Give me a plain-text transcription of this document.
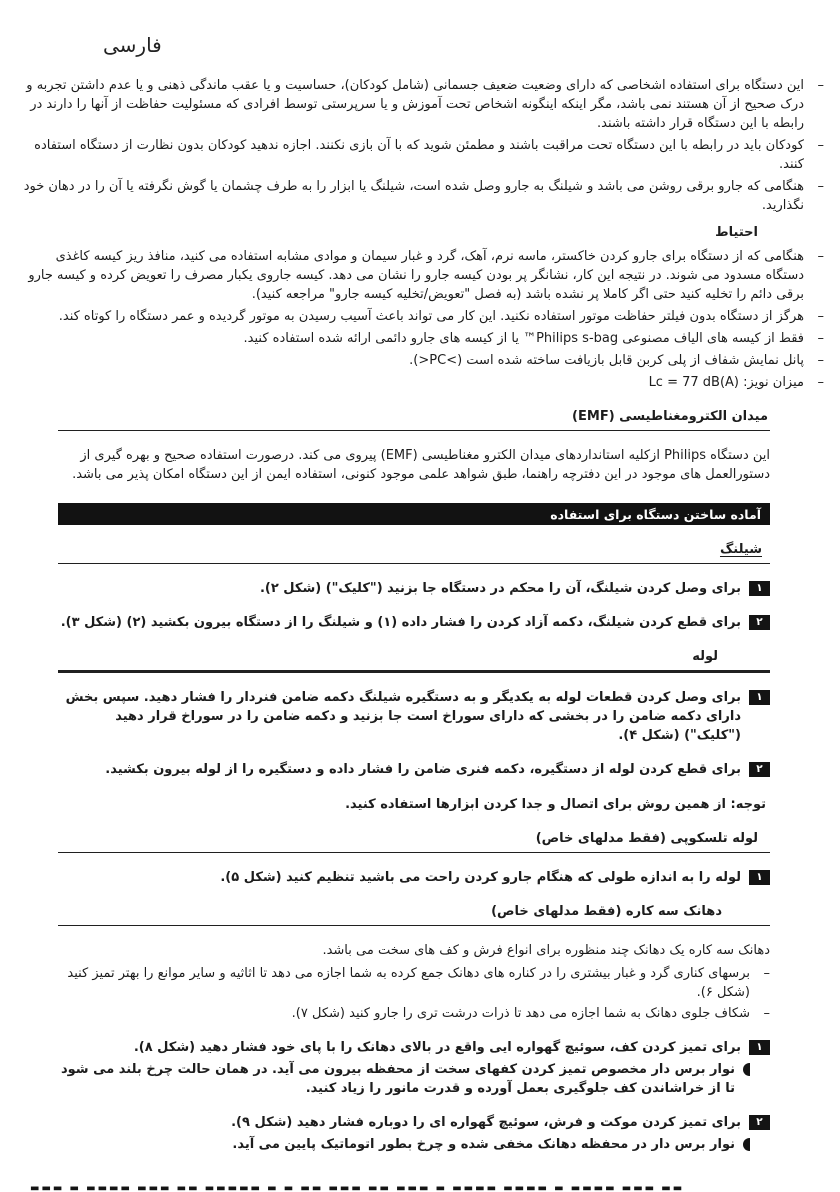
فارسی
–
این دستگاه برای استفاده اشخاصی که دارای وضعیت ضعیف جسمانی (شامل کودکان)، حساسیت و یا عقب ماندگی ذهنی و یا عدم داشتن تجربه و درک صحیح از آن هستند نمی باشد، مگر اینکه اینگونه اشخاص تحت آموزش و یا سرپرستی توسط افرادی که مسئولیت حفاظت از آنها را دارند در رابطه با این دستگاه قرار داشته باشند.
–
کودکان باید در رابطه با این دستگاه تحت مراقبت باشند و مطمئن شوید که با آن بازی نکنند. اجازه ندهید کودکان بدون نظارت از دستگاه استفاده کنند.
–
هنگامی که جارو برقی روشن می باشد و شیلنگ به جارو وصل شده است، شیلنگ یا ابزار را به طرف چشمان یا گوش نگرفته یا آن را در دهان خود نگذارید.
احتیاط
–
هنگامی که از دستگاه برای جارو کردن خاکستر، ماسه نرم، آهک، گرد و غبار سیمان و موادی مشابه استفاده می کنید، منافذ ریز کیسه کاغذی دستگاه مسدود می شوند. در نتیجه این کار، نشانگر پر بودن کیسه جارو را نشان می دهد. کیسه جاروی یکبار مصرف را تعویض کرده و کیسه جارو برقی دائم را تخلیه کنید حتی اگر کاملا پر نشده باشد (به فصل "تعویض/تخلیه کیسه جارو" مراجعه کنید).
–
هرگز از دستگاه بدون فیلتر حفاظت موتور استفاده نکنید. این کار می تواند باعث آسیب رسیدن به موتور گردیده و عمر دستگاه را کوتاه کند.
–
فقط از کیسه های الیاف مصنوعی Philips s-bag™ یا از کیسه های جارو دائمی ارائه شده استفاده کنید.
–
پانل نمایش شفاف از پلی کربن قابل بازیافت ساخته شده است (>PC<).
–
میزان نویز: Lc = 77 dB(A)
میدان الکترومغناطیسی (EMF)

این دستگاه Philips ازکلیه استانداردهای میدان الکترو مغناطیسی (EMF) پیروی می کند. درصورت استفاده صحیح و بهره گیری از دستورالعمل های موجود در این دفترچه راهنما، طبق شواهد علمی موجود کنونی، استفاده ایمن از این دستگاه امکان پذیر می باشد.

آماده ساختن دستگاه برای استفاده
شیلنگ
۱
برای وصل کردن شیلنگ، آن را محکم در دستگاه جا بزنید ("کلیک") (شکل ۲).
۲
برای قطع کردن شیلنگ، دکمه آزاد کردن را فشار داده (۱) و شیلنگ را از دستگاه بیرون بکشید (۲) (شکل ۳).
لوله
۱
برای وصل کردن قطعات لوله به یکدیگر و به دستگیره شیلنگ دکمه ضامن فنردار را فشار دهید. سپس بخش دارای دکمه ضامن را در بخشی که دارای سوراخ است جا بزنید و دکمه ضامن را در سوراخ قرار دهید ("کلیک") (شکل ۴).
۲
برای قطع کردن لوله از دستگیره، دکمه فنری ضامن را فشار داده و دستگیره را از لوله بیرون بکشید.
توجه: از همین روش برای اتصال و جدا کردن ابزارها استفاده کنید.
لوله تلسکوپی (فقط مدلهای خاص)
۱
لوله را به اندازه طولی که هنگام جارو کردن راحت می باشید تنظیم کنید (شکل ۵).
دهانک سه کاره (فقط مدلهای خاص)

دهانک سه کاره یک دهانک چند منظوره برای انواع فرش و کف های سخت می باشد.

–
برسهای کناری گرد و غبار بیشتری را در کناره های دهانک جمع کرده به شما اجازه می دهد تا اثاثیه و سایر موانع را بهتر تمیز کنید (شکل ۶).
–
شکاف جلوی دهانک به شما اجازه می دهد تا ذرات درشت تری را جارو کنید (شکل ۷).
۱
برای تمیز کردن کف، سوئیچ گهواره ایی واقع در بالای دهانک را با پای خود فشار دهید (شکل ۸).
نوار برس دار مخصوص تمیز کردن کفهای سخت از محفظه بیرون می آید. در همان حالت چرخ بلند می شود تا از خراشاندن کف جلوگیری بعمل آورده و قدرت مانور را زیاد کنید.
۲
برای تمیز کردن موکت و فرش، سوئیچ گهواره ای را دوباره فشار دهید (شکل ۹).
نوار برس دار در محفظه دهانک مخفی شده و چرخ بطور اتوماتیک پایین می آید.
▬▬▬ ▬ ▬▬▬▬ ▬▬▬ ▬▬ ▬▬▬▬▬ ▬ ▬ ▬▬ ▬▬▬ ▬▬ ▬▬▬ ▬ ▬▬▬▬ ▬▬▬▬ ▬ ▬▬▬▬ ▬▬▬ ▬▬
